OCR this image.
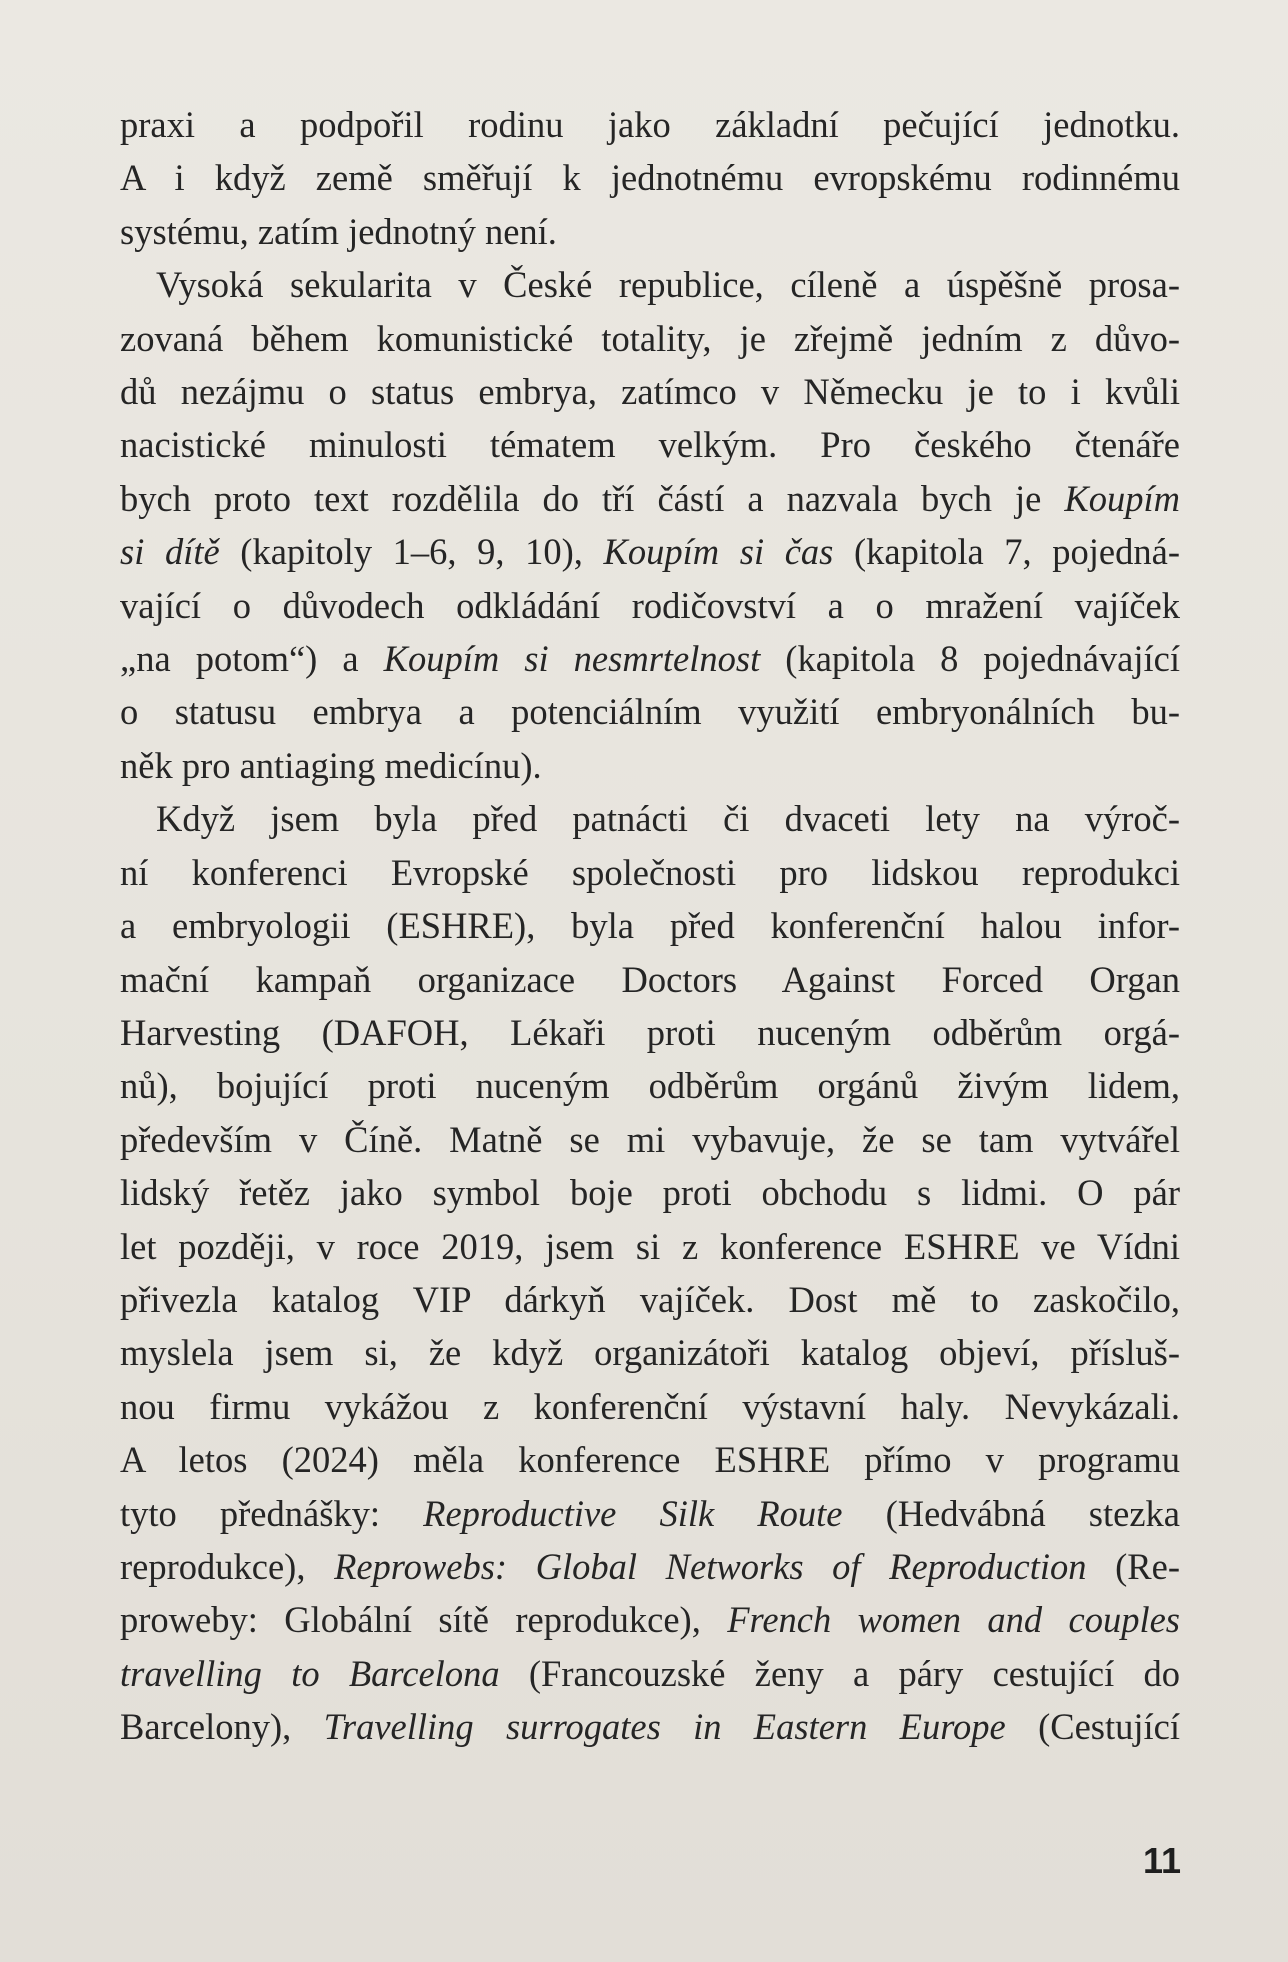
praxi a podpořil rodinu jako základní pečující jednotku.
A i když země směřují k jednotnému evropskému rodinnému
systému, zatím jednotný není.
Vysoká sekularita v České republice, cíleně a úspěšně prosa-
zovaná během komunistické totality, je zřejmě jedním z důvo-
dů nezájmu o status embrya, zatímco v Německu je to i kvůli
nacistické minulosti tématem velkým. Pro českého čtenáře
bych proto text rozdělila do tří částí a nazvala bych je Koupím
si dítě (kapitoly 1–6, 9, 10), Koupím si čas (kapitola 7, pojedná-
vající o důvodech odkládání rodičovství a o mražení vajíček
„na potom“) a Koupím si nesmrtelnost (kapitola 8 pojednávající
o statusu embrya a potenciálním využití embryonálních bu-
něk pro antiaging medicínu).
Když jsem byla před patnácti či dvaceti lety na výroč-
ní konferenci Evropské společnosti pro lidskou reprodukci
a embryologii (ESHRE), byla před konferenční halou infor-
mační kampaň organizace Doctors Against Forced Organ
Harvesting (DAFOH, Lékaři proti nuceným odběrům orgá-
nů), bojující proti nuceným odběrům orgánů živým lidem,
především v Číně. Matně se mi vybavuje, že se tam vytvářel
lidský řetěz jako symbol boje proti obchodu s lidmi. O pár
let později, v roce 2019, jsem si z konference ESHRE ve Vídni
přivezla katalog VIP dárkyň vajíček. Dost mě to zaskočilo,
myslela jsem si, že když organizátoři katalog objeví, přísluš-
nou firmu vykážou z konferenční výstavní haly. Nevykázali.
A letos (2024) měla konference ESHRE přímo v programu
tyto přednášky: Reproductive Silk Route (Hedvábná stezka
reprodukce), Reprowebs: Global Networks of Reproduction (Re-
proweby: Globální sítě reprodukce), French women and couples
travelling to Barcelona (Francouzské ženy a páry cestující do
Barcelony), Travelling surrogates in Eastern Europe (Cestující
11
